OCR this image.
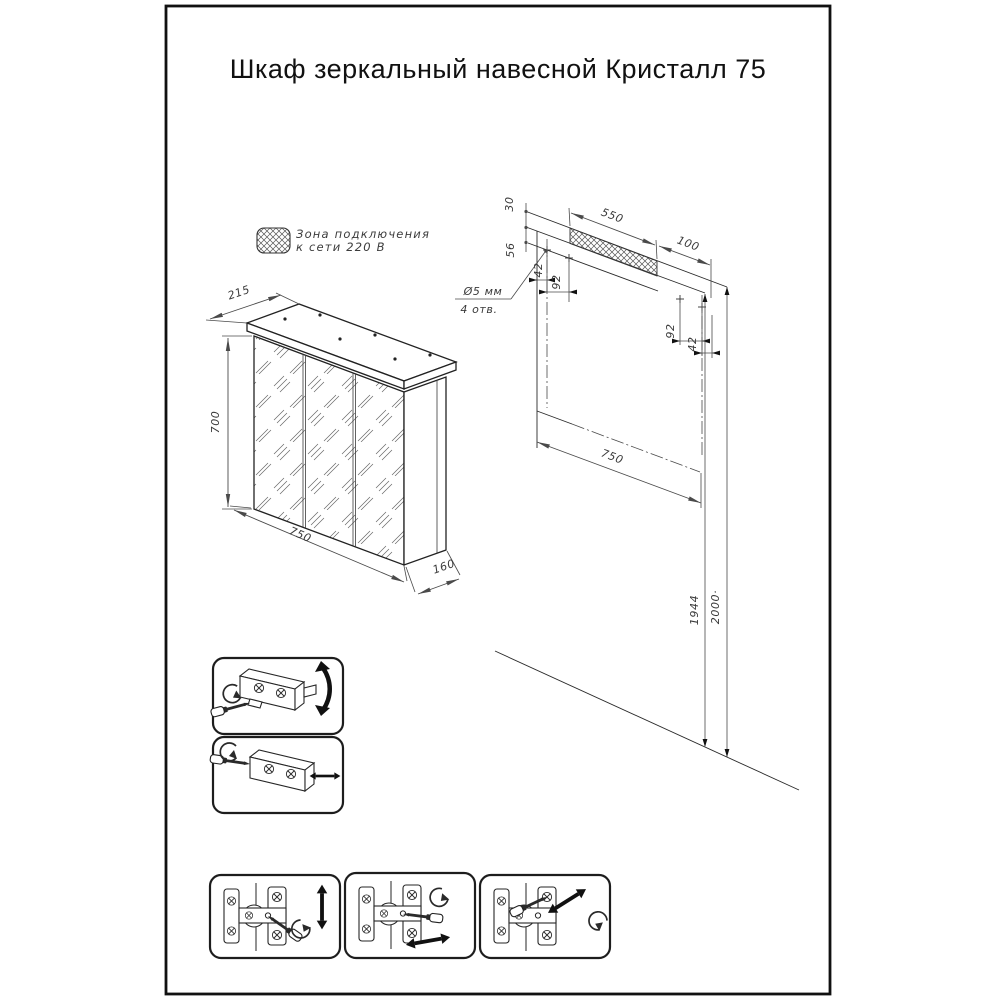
Шкаф зеркальный навесной Кристалл 75
Зона подключения
к сети 220 В
215
700
750
160
30
56
550
100
42
92
92
42
Ø5 мм
4 отв.
750
1944 2000·
